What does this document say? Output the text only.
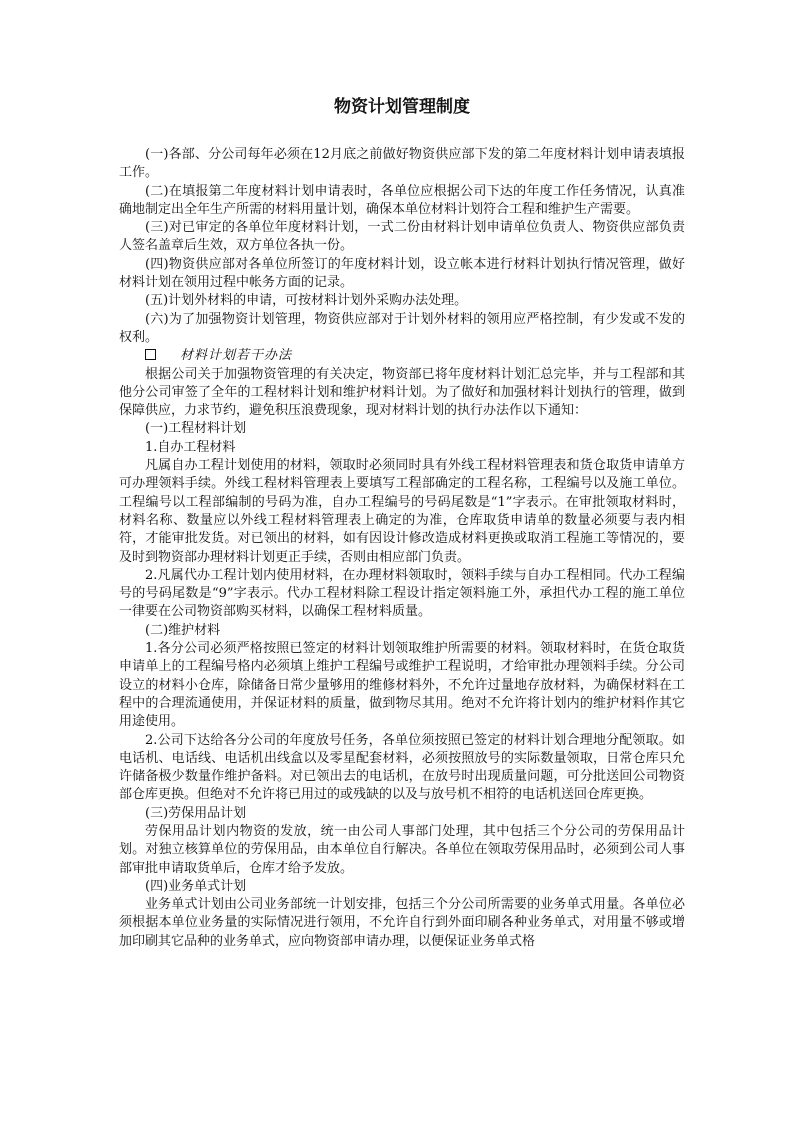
物资计划管理制度

(一)各部、分公司每年必须在12月底之前做好物资供应部下发的第二年度材料计划申请表填报工作。

(二)在填报第二年度材料计划申请表时，各单位应根据公司下达的年度工作任务情况，认真准确地制定出全年生产所需的材料用量计划，确保本单位材料计划符合工程和维护生产需要。

(三)对已审定的各单位年度材料计划，一式二份由材料计划申请单位负责人、物资供应部负责人签名盖章后生效，双方单位各执一份。

(四)物资供应部对各单位所签订的年度材料计划，设立帐本进行材料计划执行情况管理，做好材料计划在领用过程中帐务方面的记录。

(五)计划外材料的申请，可按材料计划外采购办法处理。

(六)为了加强物资计划管理，物资供应部对于计划外材料的领用应严格控制，有少发或不发的权利。

材料计划若干办法

根据公司关于加强物资管理的有关决定，物资部已将年度材料计划汇总完毕，并与工程部和其他分公司审签了全年的工程材料计划和维护材料计划。为了做好和加强材料计划执行的管理，做到保障供应，力求节约，避免积压浪费现象，现对材料计划的执行办法作以下通知：

(一)工程材料计划

1.自办工程材料

凡属自办工程计划使用的材料，领取时必须同时具有外线工程材料管理表和货仓取货申请单方可办理领料手续。外线工程材料管理表上要填写工程部确定的工程名称，工程编号以及施工单位。工程编号以工程部编制的号码为准，自办工程编号的号码尾数是“1”字表示。在审批领取材料时，材料名称、数量应以外线工程材料管理表上确定的为准，仓库取货申请单的数量必须要与表内相符，才能审批发货。对已领出的材料，如有因设计修改造成材料更换或取消工程施工等情况的，要及时到物资部办理材料计划更正手续，否则由相应部门负责。

2.凡属代办工程计划内使用材料，在办理材料领取时，领料手续与自办工程相同。代办工程编号的号码尾数是“9”字表示。代办工程材料除工程设计指定领料施工外，承担代办工程的施工单位一律要在公司物资部购买材料，以确保工程材料质量。

(二)维护材料

1.各分公司必须严格按照已签定的材料计划领取维护所需要的材料。领取材料时，在货仓取货申请单上的工程编号格内必须填上维护工程编号或维护工程说明，才给审批办理领料手续。分公司设立的材料小仓库，除储备日常少量够用的维修材料外，不允许过量地存放材料，为确保材料在工程中的合理流通使用，并保证材料的质量，做到物尽其用。绝对不允许将计划内的维护材料作其它用途使用。

2.公司下达给各分公司的年度放号任务，各单位须按照已签定的材料计划合理地分配领取。如电话机、电话线、电话机出线盒以及零星配套材料，必须按照放号的实际数量领取，日常仓库只允许储备极少数量作维护备料。对已领出去的电话机，在放号时出现质量问题，可分批送回公司物资部仓库更换。但绝对不允许将已用过的或残缺的以及与放号机不相符的电话机送回仓库更换。

(三)劳保用品计划

劳保用品计划内物资的发放，统一由公司人事部门处理，其中包括三个分公司的劳保用品计划。对独立核算单位的劳保用品，由本单位自行解决。各单位在领取劳保用品时，必须到公司人事部审批申请取货单后，仓库才给予发放。

(四)业务单式计划

业务单式计划由公司业务部统一计划安排，包括三个分公司所需要的业务单式用量。各单位必须根据本单位业务量的实际情况进行领用，不允许自行到外面印刷各种业务单式，对用量不够或增加印刷其它品种的业务单式，应向物资部申请办理，以便保证业务单式格
